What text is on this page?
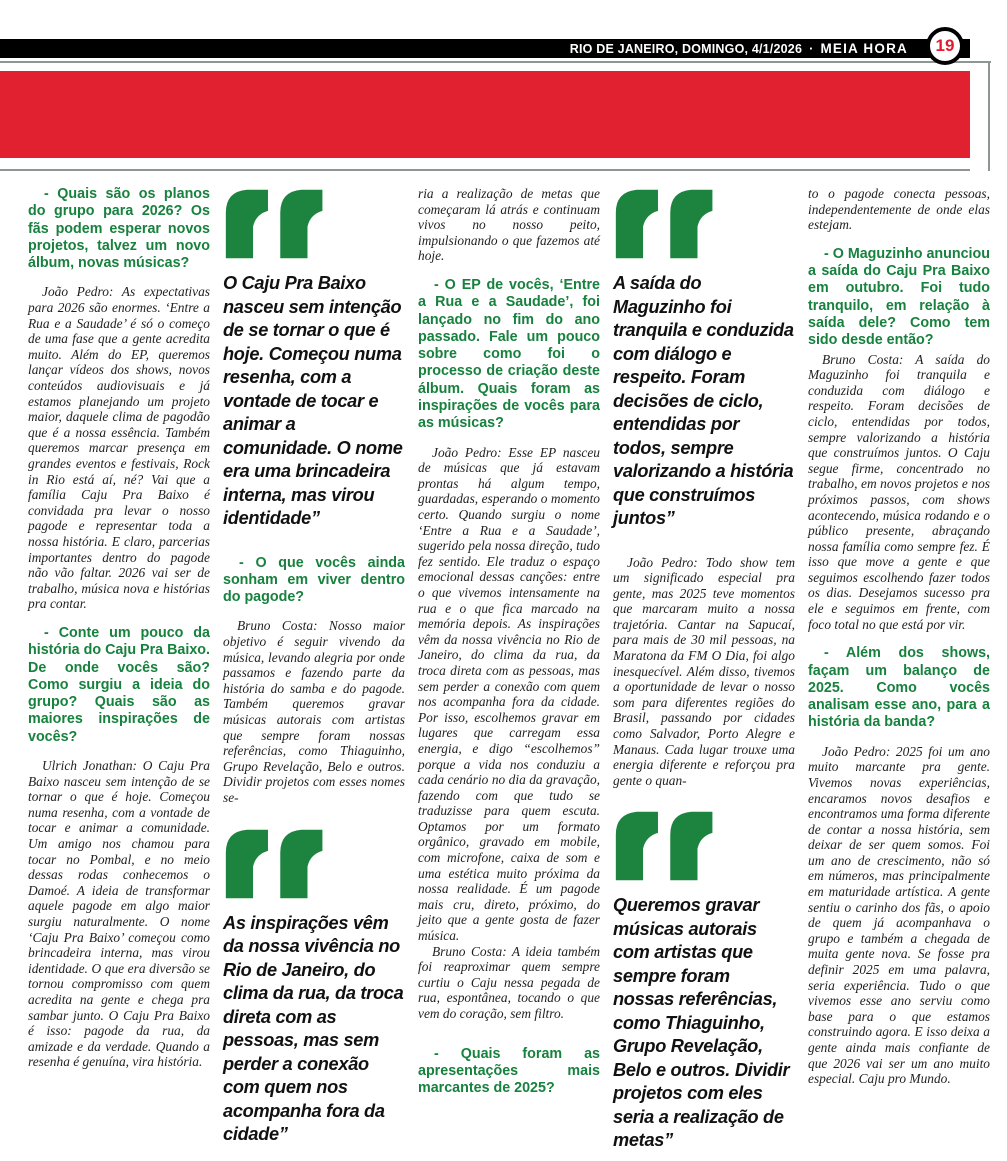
RIO DE JANEIRO, DOMINGO, 4/1/2026 · MEIA HORA 19

- Quais são os planos do grupo para 2026? Os fãs podem esperar novos projetos, talvez um novo álbum, novas músicas?

João Pedro: As expectativas para 2026 são enormes. ‘Entre a Rua e a Saudade’ é só o começo de uma fase que a gente acredita muito. Além do EP, queremos lançar vídeos dos shows, novos conteúdos audiovisuais e já estamos planejando um projeto maior, daquele clima de pagodão que é a nossa essência. Também queremos marcar presença em grandes eventos e festivais, Rock in Rio está aí, né? Vai que a família Caju Pra Baixo é convidada pra levar o nosso pagode e representar toda a nossa história. E claro, parcerias importantes dentro do pagode não vão faltar. 2026 vai ser de trabalho, música nova e histórias pra contar.

- Conte um pouco da história do Caju Pra Baixo. De onde vocês são? Como surgiu a ideia do grupo? Quais são as maiores inspirações de vocês?

Ulrich Jonathan: O Caju Pra Baixo nasceu sem intenção de se tornar o que é hoje. Começou numa resenha, com a vontade de tocar e animar a comunidade. Um amigo nos chamou para tocar no Pombal, e no meio dessas rodas conhecemos o Damoé. A ideia de transformar aquele pagode em algo maior surgiu naturalmente. O nome ‘Caju Pra Baixo’ começou como brincadeira interna, mas virou identidade. O que era diversão se tornou compromisso com quem acredita na gente e chega pra sambar junto. O Caju Pra Baixo é isso: pagode da rua, da amizade e da verdade. Quando a resenha é genuína, vira história.

O Caju Pra Baixo nasceu sem intenção de se tornar o que é hoje. Começou numa resenha, com a vontade de tocar e animar a comunidade. O nome era uma brincadeira interna, mas virou identidade”

- O que vocês ainda sonham em viver dentro do pagode?

Bruno Costa: Nosso maior objetivo é seguir vivendo da música, levando alegria por onde passamos e fazendo parte da história do samba e do pagode. Também queremos gravar músicas autorais com artistas que sempre foram nossas referências, como Thiaguinho, Grupo Revelação, Belo e outros. Dividir projetos com esses nomes se-

As inspirações vêm da nossa vivência no Rio de Janeiro, do clima da rua, da troca direta com as pessoas, mas sem perder a conexão com quem nos acompanha fora da cidade”

ria a realização de metas que começaram lá atrás e continuam vivos no nosso peito, impulsionando o que fazemos até hoje.

- O EP de vocês, ‘Entre a Rua e a Saudade’, foi lançado no fim do ano passado. Fale um pouco sobre como foi o processo de criação deste álbum. Quais foram as inspirações de vocês para as músicas?

João Pedro: Esse EP nasceu de músicas que já estavam prontas há algum tempo, guardadas, esperando o momento certo. Quando surgiu o nome ‘Entre a Rua e a Saudade’, sugerido pela nossa direção, tudo fez sentido. Ele traduz o espaço emocional dessas canções: entre o que vivemos intensamente na rua e o que fica marcado na memória depois. As inspirações vêm da nossa vivência no Rio de Janeiro, do clima da rua, da troca direta com as pessoas, mas sem perder a conexão com quem nos acompanha fora da cidade. Por isso, escolhemos gravar em lugares que carregam essa energia, e digo “escolhemos” porque a vida nos conduziu a cada cenário no dia da gravação, fazendo com que tudo se traduzisse para quem escuta. Optamos por um formato orgânico, gravado em mobile, com microfone, caixa de som e uma estética muito próxima da nossa realidade. É um pagode mais cru, direto, próximo, do jeito que a gente gosta de fazer música.

Bruno Costa: A ideia também foi reaproximar quem sempre curtiu o Caju nessa pegada de rua, espontânea, tocando o que vem do coração, sem filtro.

- Quais foram as apresentações mais marcantes de 2025?

A saída do Maguzinho foi tranquila e conduzida com diálogo e respeito. Foram decisões de ciclo, entendidas por todos, sempre valorizando a história que construímos juntos”

João Pedro: Todo show tem um significado especial pra gente, mas 2025 teve momentos que marcaram muito a nossa trajetória. Cantar na Sapucaí, para mais de 30 mil pessoas, na Maratona da FM O Dia, foi algo inesquecível. Além disso, tivemos a oportunidade de levar o nosso som para diferentes regiões do Brasil, passando por cidades como Salvador, Porto Alegre e Manaus. Cada lugar trouxe uma energia diferente e reforçou pra gente o quan-

Queremos gravar músicas autorais com artistas que sempre foram nossas referências, como Thiaguinho, Grupo Revelação, Belo e outros. Dividir projetos com eles seria a realização de metas”

to o pagode conecta pessoas, independentemente de onde elas estejam.

- O Maguzinho anunciou a saída do Caju Pra Baixo em outubro. Foi tudo tranquilo, em relação à saída dele? Como tem sido desde então?

Bruno Costa: A saída do Maguzinho foi tranquila e conduzida com diálogo e respeito. Foram decisões de ciclo, entendidas por todos, sempre valorizando a história que construímos juntos. O Caju segue firme, concentrado no trabalho, em novos projetos e nos próximos passos, com shows acontecendo, música rodando e o público presente, abraçando nossa família como sempre fez. É isso que move a gente e que seguimos escolhendo fazer todos os dias. Desejamos sucesso pra ele e seguimos em frente, com foco total no que está por vir.

- Além dos shows, façam um balanço de 2025. Como vocês analisam esse ano, para a história da banda?

João Pedro: 2025 foi um ano muito marcante pra gente. Vivemos novas experiências, encaramos novos desafios e encontramos uma forma diferente de contar a nossa história, sem deixar de ser quem somos. Foi um ano de crescimento, não só em números, mas principalmente em maturidade artística. A gente sentiu o carinho dos fãs, o apoio de quem já acompanhava o grupo e também a chegada de muita gente nova. Se fosse pra definir 2025 em uma palavra, seria experiência. Tudo o que vivemos esse ano serviu como base para o que estamos construindo agora. E isso deixa a gente ainda mais confiante de que 2026 vai ser um ano muito especial. Caju pro Mundo.
